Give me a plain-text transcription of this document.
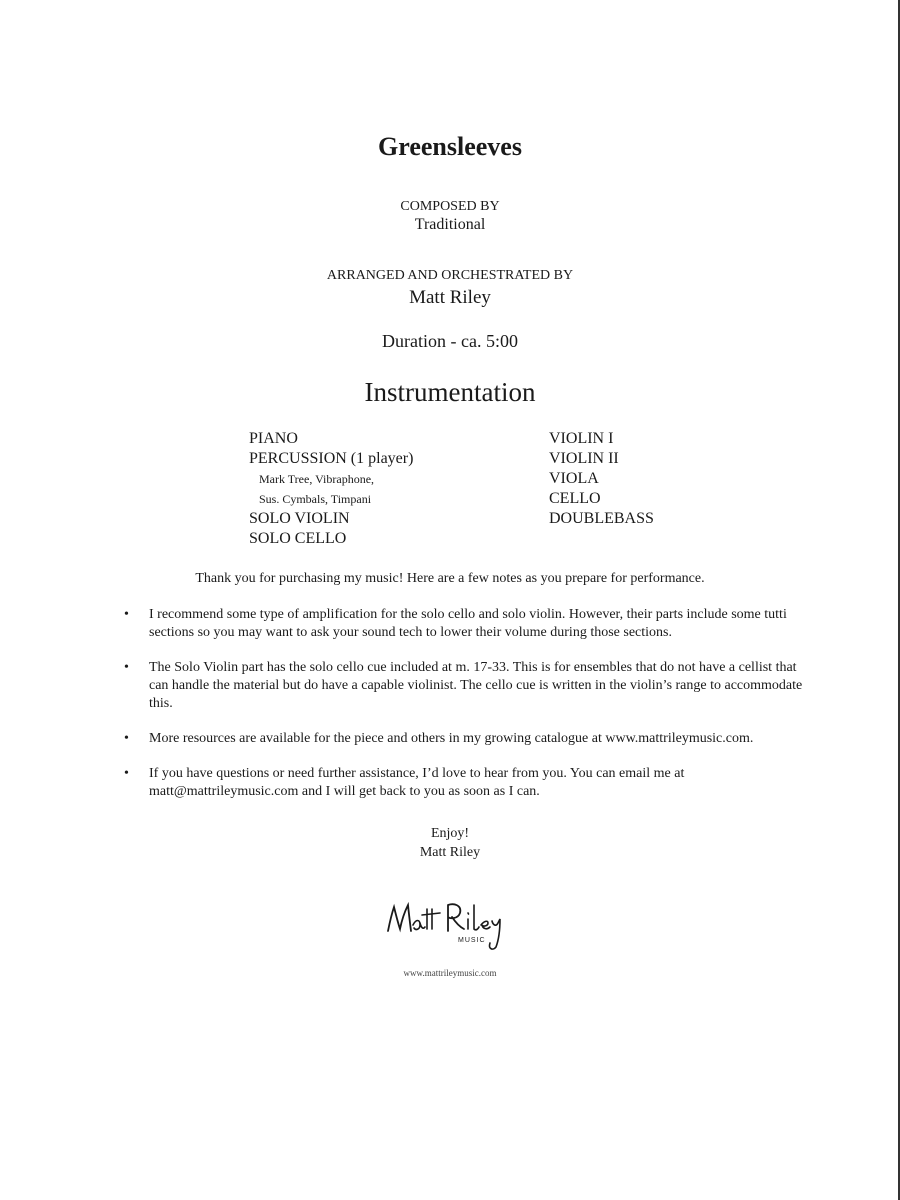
Greensleeves
COMPOSED BY
Traditional
ARRANGED AND ORCHESTRATED BY
Matt Riley
Duration - ca. 5:00
Instrumentation
PIANO
PERCUSSION (1 player)
Mark Tree, Vibraphone,
Sus. Cymbals, Timpani
SOLO VIOLIN
SOLO CELLO
VIOLIN I
VIOLIN II
VIOLA
CELLO
DOUBLEBASS
Thank you for purchasing my music! Here are a few notes as you prepare for performance.
• I recommend some type of amplification for the solo cello and solo violin. However, their parts include some tutti sections so you may want to ask your sound tech to lower their volume during those sections.
• The Solo Violin part has the solo cello cue included at m. 17-33. This is for ensembles that do not have a cellist that can handle the material but do have a capable violinist. The cello cue is written in the violin’s range to accommodate this.
• More resources are available for the piece and others in my growing catalogue at www.mattrileymusic.com.
• If you have questions or need further assistance, I’d love to hear from you. You can email me at matt@mattrileymusic.com and I will get back to you as soon as I can.
Enjoy!
Matt Riley
MUSIC
www.mattrileymusic.com
